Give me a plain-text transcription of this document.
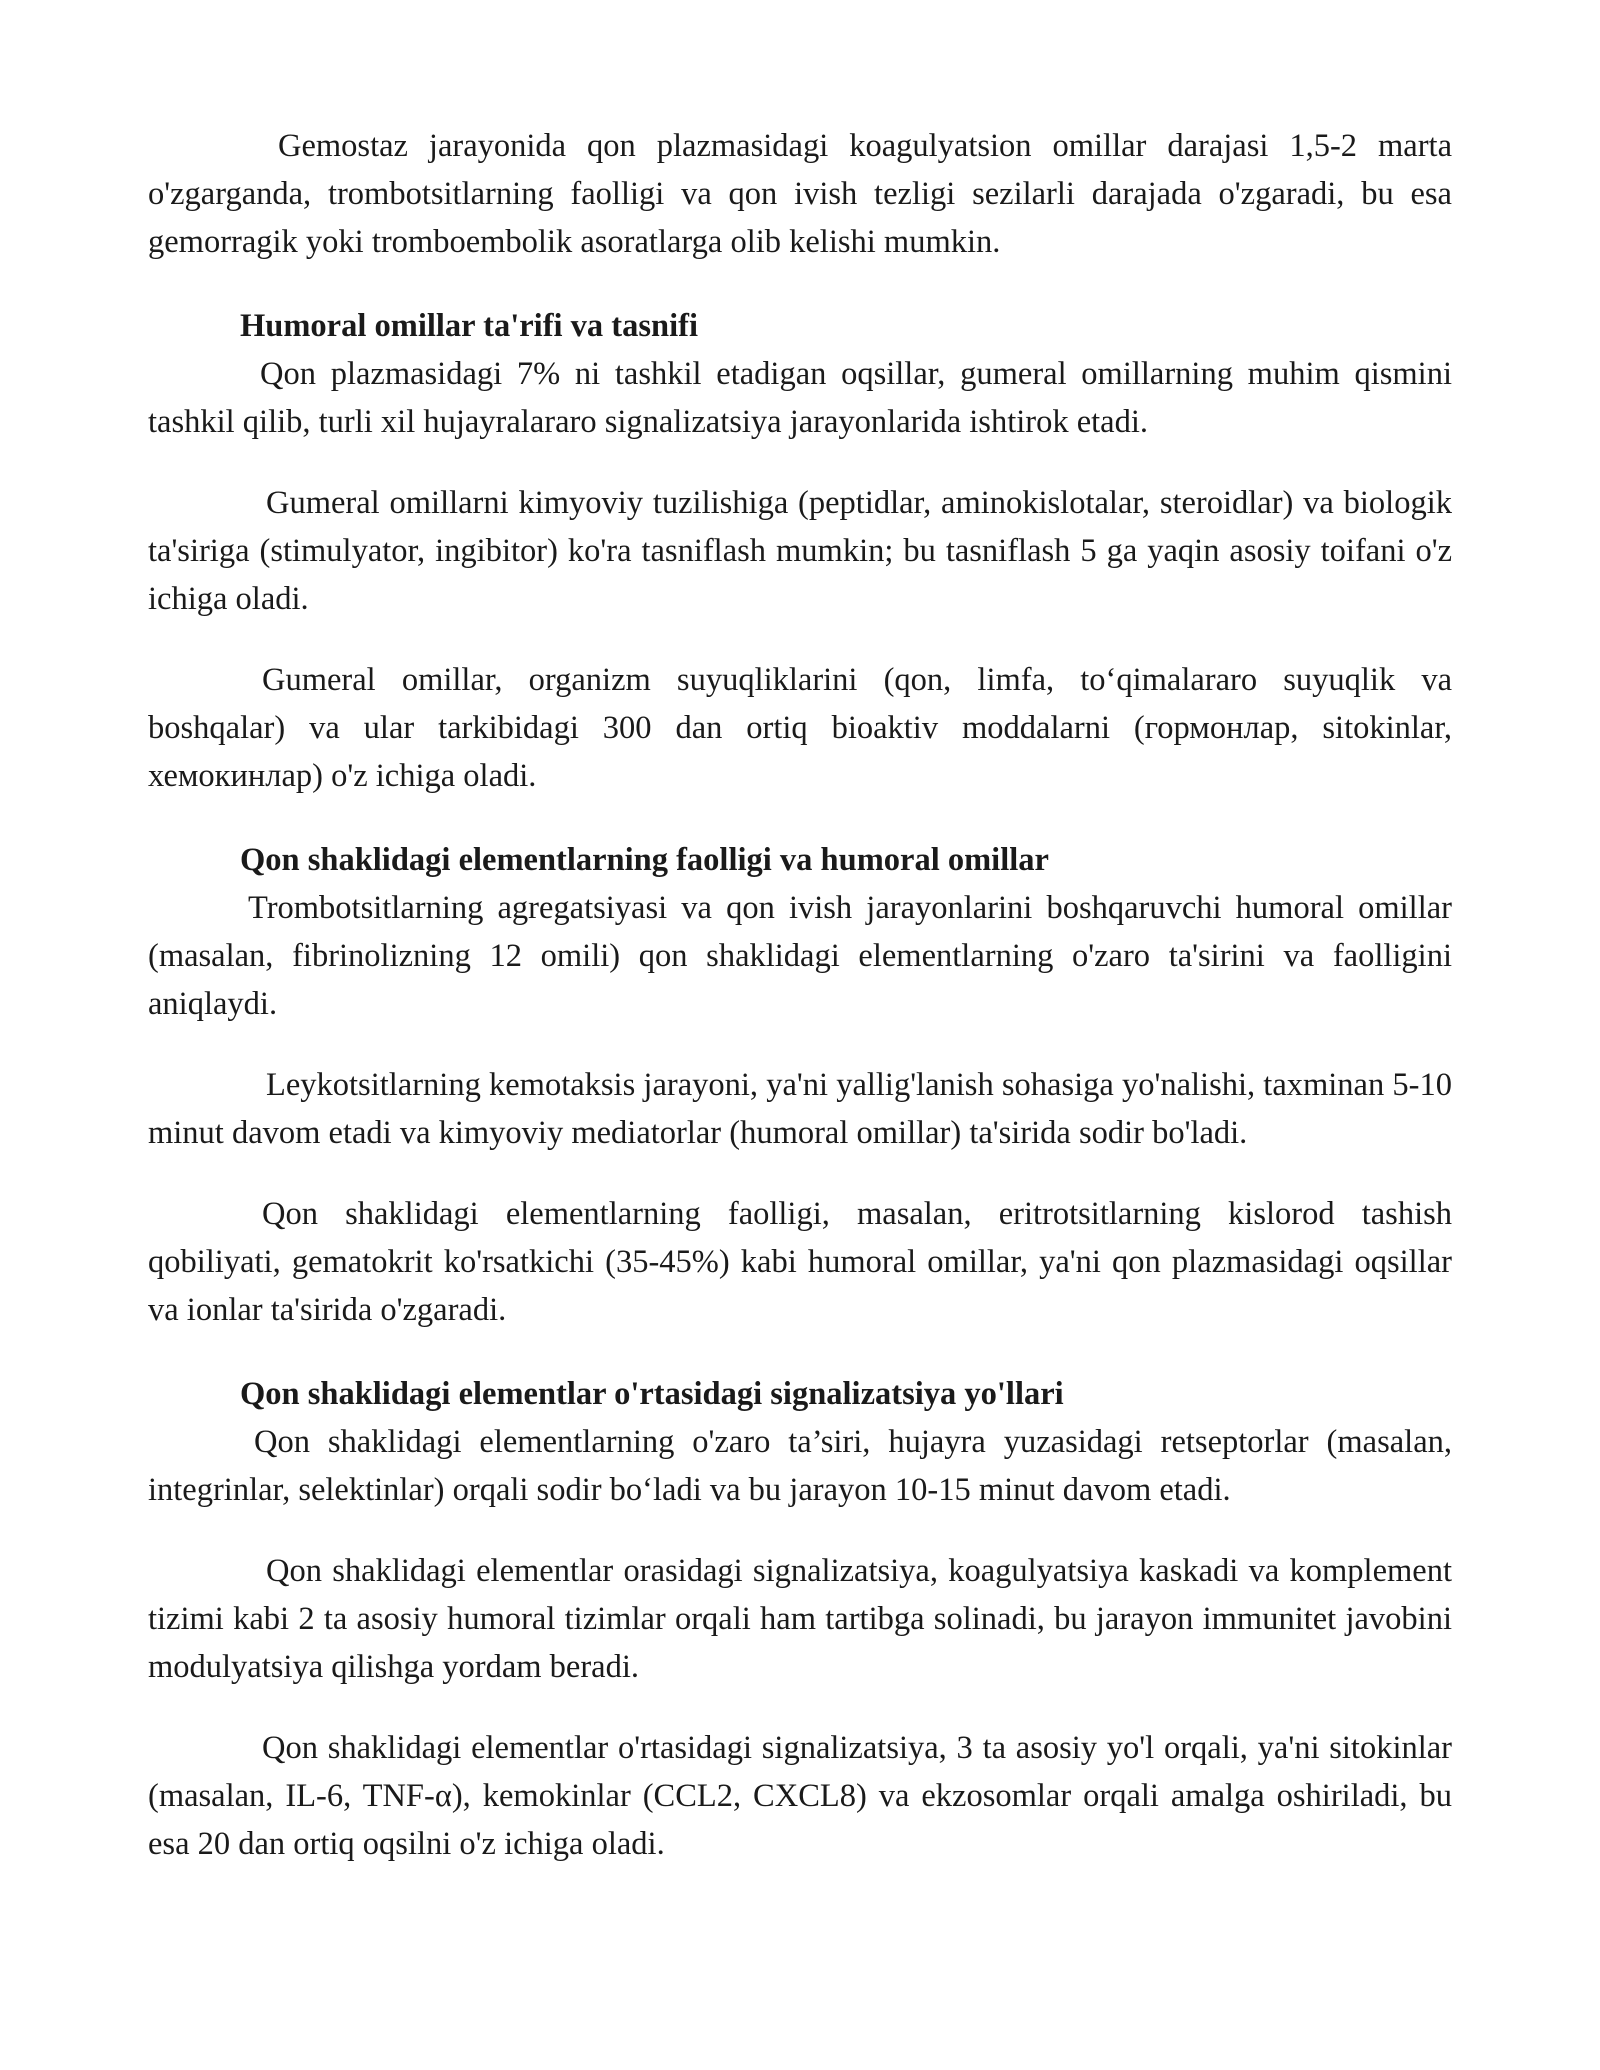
Gemostaz jarayonida qon plazmasidagi koagulyatsion omillar darajasi 1,5-2 marta o'zgarganda, trombotsitlarning faolligi va qon ivish tezligi sezilarli darajada o'zgaradi, bu esa gemorragik yoki tromboembolik asoratlarga olib kelishi mumkin.

Humoral omillar ta'rifi va tasnifi

Qon plazmasidagi 7% ni tashkil etadigan oqsillar, gumeral omillarning muhim qismini tashkil qilib, turli xil hujayralararo signalizatsiya jarayonlarida ishtirok etadi.

Gumeral omillarni kimyoviy tuzilishiga (peptidlar, aminokislotalar, steroidlar) va biologik ta'siriga (stimulyator, ingibitor) ko'ra tasniflash mumkin; bu tasniflash 5 ga yaqin asosiy toifani o'z ichiga oladi.

Gumeral omillar, organizm suyuqliklarini (qon, limfa, to‘qimalararo suyuqlik va boshqalar) va ular tarkibidagi 300 dan ortiq bioaktiv moddalarni (гормонлар, sitokinlar, хемокинлар) o'z ichiga oladi.

Qon shaklidagi elementlarning faolligi va humoral omillar

Trombotsitlarning agregatsiyasi va qon ivish jarayonlarini boshqaruvchi humoral omillar (masalan, fibrinolizning 12 omili) qon shaklidagi elementlarning o'zaro ta'sirini va faolligini aniqlaydi.

Leykotsitlarning kemotaksis jarayoni, ya'ni yallig'lanish sohasiga yo'nalishi, taxminan 5-10 minut davom etadi va kimyoviy mediatorlar (humoral omillar) ta'sirida sodir bo'ladi.

Qon shaklidagi elementlarning faolligi, masalan, eritrotsitlarning kislorod tashish qobiliyati, gematokrit ko'rsatkichi (35-45%) kabi humoral omillar, ya'ni qon plazmasidagi oqsillar va ionlar ta'sirida o'zgaradi.

Qon shaklidagi elementlar o'rtasidagi signalizatsiya yo'llari

Qon shaklidagi elementlarning o'zaro ta’siri, hujayra yuzasidagi retseptorlar (masalan, integrinlar, selektinlar) orqali sodir bo‘ladi va bu jarayon 10-15 minut davom etadi.

Qon shaklidagi elementlar orasidagi signalizatsiya, koagulyatsiya kaskadi va komplement tizimi kabi 2 ta asosiy humoral tizimlar orqali ham tartibga solinadi, bu jarayon immunitet javobini modulyatsiya qilishga yordam beradi.

Qon shaklidagi elementlar o'rtasidagi signalizatsiya, 3 ta asosiy yo'l orqali, ya'ni sitokinlar (masalan, IL-6, TNF-α), kemokinlar (CCL2, CXCL8) va ekzosomlar orqali amalga oshiriladi, bu esa 20 dan ortiq oqsilni o'z ichiga oladi.
